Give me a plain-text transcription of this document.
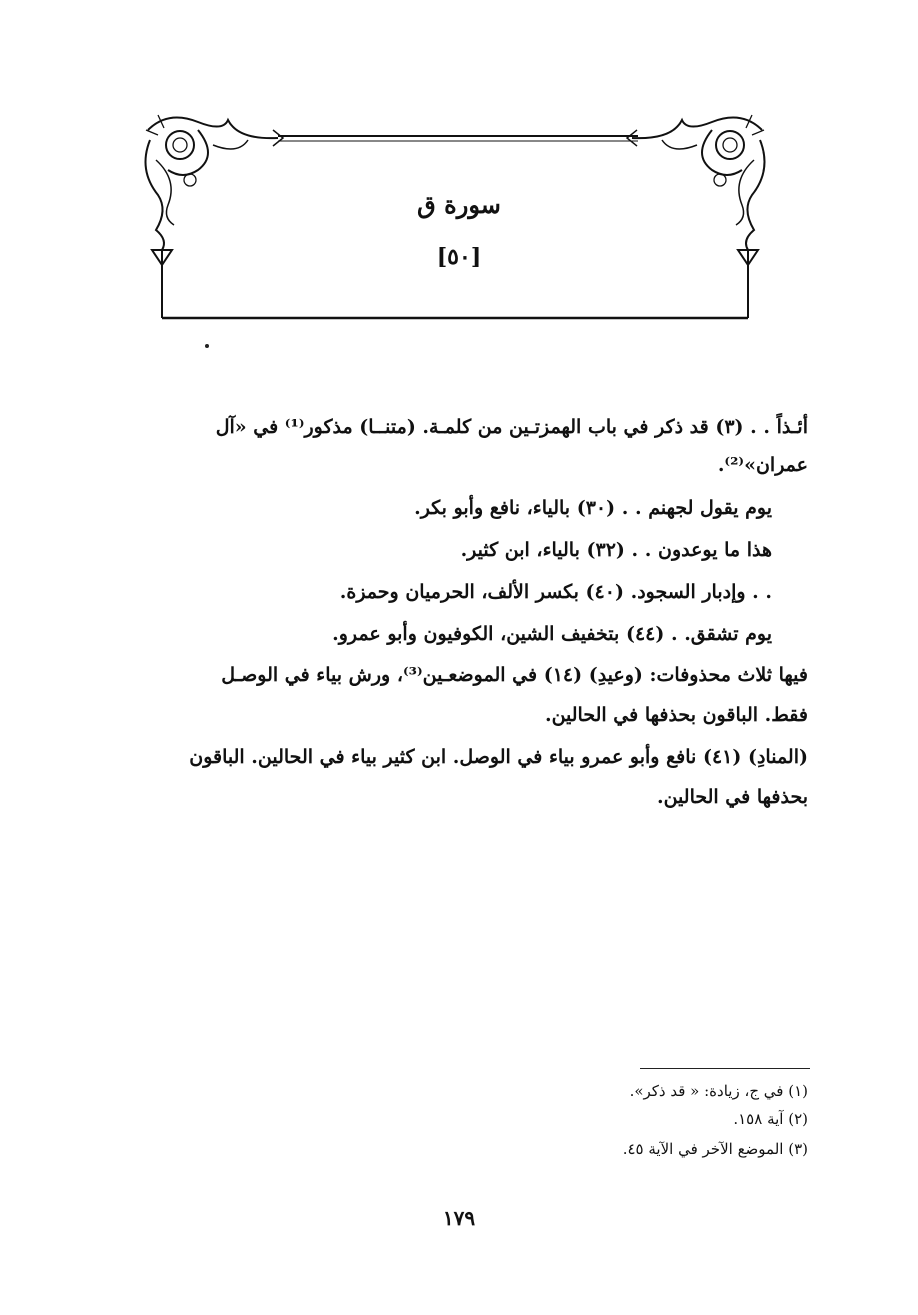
سورة ق
[٥٠]
أئـذاً . . (٣) قد ذكر في باب الهمزتـين من كلمـة. (متنــا) مذكور⁽¹⁾ في «آل
عمران»⁽²⁾.
يوم يقول لجهنم . . (٣٠) بالياء، نافع وأبو بكر.
هذا ما يوعدون . . (٣٢) بالياء، ابن كثير.
. . وإدبار السجود. (٤٠) بكسر الألف، الحرميان وحمزة.
يوم تشقق. . (٤٤) بتخفيف الشين، الكوفيون وأبو عمرو.
فيها ثلاث محذوفات: (وعيدِ) (١٤) في الموضعـين⁽³⁾، ورش بياء في الوصـل
فقط. الباقون بحذفها في الحالين.
(المنادِ) (٤١) نافع وأبو عمرو بياء في الوصل. ابن كثير بياء في الحالين. الباقون
بحذفها في الحالين.
(١) في ج، زيادة: « قد ذكر».
(٢) آية ١٥٨.
(٣) الموضع الآخر في الآية ٤٥.
١٧٩
